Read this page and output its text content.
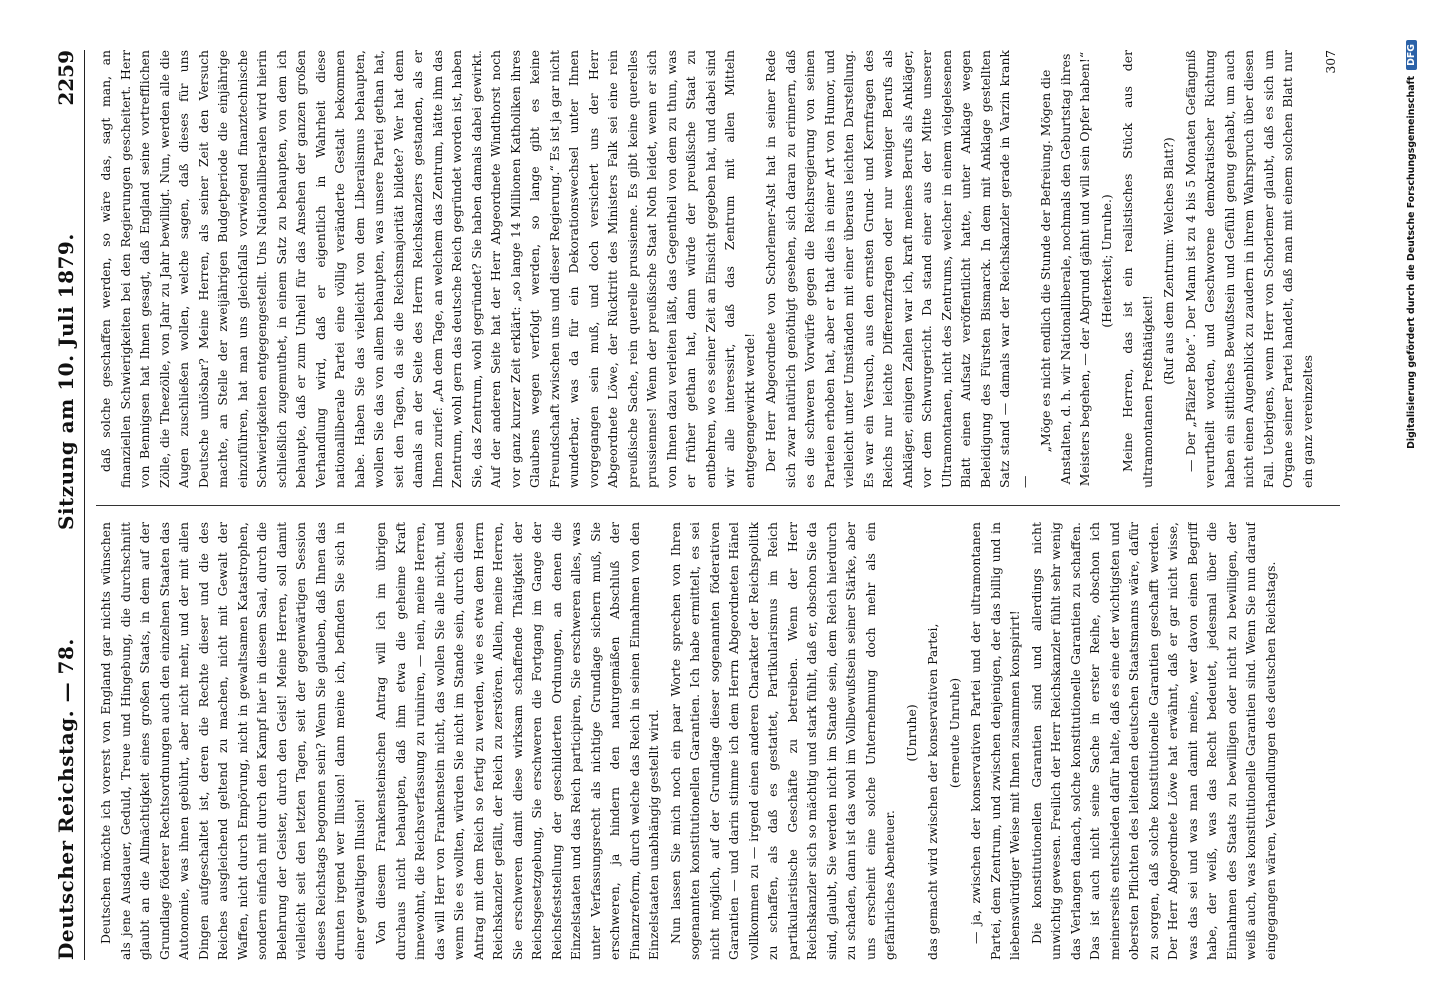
Deutscher Reichstag. — 78.
Sitzung am 10. Juli 1879.
2259

Deutschen möchte ich vorerst von England gar nichts wünschen als jene Ausdauer, Geduld, Treue und Hingebung, die durchschnitt glaubt an die Allmächtigkeit eines großen Staats, in dem auf der Grundlage föderer Rechtsordnungen auch den einzelnen Staaten das Autonomie, was ihnen gebührt, aber nicht mehr, und der mit allen Dingen aufgeschaltet ist, deren die Rechte dieser und die des Reiches ausgleichend geltend zu machen, nicht mit Gewalt der Waffen, nicht durch Empörung, nicht in gewaltsamen Katastrophen, sondern einfach mit durch den Kampf hier in diesem Saal, durch die Belehrung der Geister, durch den Geist! Meine Herren, soll damit vielleicht seit den letzten Tagen, seit der gegenwärtigen Session dieses Reichstags begonnen sein? Wenn Sie glauben, daß Ihnen das drunten irgend wer Illusion! dann meine ich, befinden Sie sich in einer gewaltigen Illusion! Von diesem Frankensteinschen Antrag will ich im übrigen durchaus nicht behaupten, daß ihm etwa die geheime Kraft innewohnt, die Reichsverfassung zu ruiniren, — nein, meine Herren, das will Herr von Frankenstein nicht, das wollen Sie alle nicht, und wenn Sie es wollten, würden Sie nicht im Stande sein, durch diesen Antrag mit dem Reich so fertig zu werden, wie es etwa dem Herrn Reichskanzler gefällt, der Reich zu zerstören. Allein, meine Herren, Sie erschweren damit diese wirksam schaffende Thätigkeit der Reichsgesetzgebung, Sie erschweren die Fortgang im Gange der Reichsfeststellung der geschilderten Ordnungen, an denen die Einzelstaaten und das Reich participiren, Sie erschweren alles, was unter Verfassungsrecht als nichtige Grundlage sichern muß, Sie erschweren, ja hindern den naturgemäßen Abschluß der Finanzreform, durch welche das Reich in seinen Einnahmen von den Einzelstaaten unabhängig gestellt wird. Nun lassen Sie mich noch ein paar Worte sprechen von Ihren sogenannten konstitutionellen Garantien. Ich habe ermittelt, es sei nicht möglich, auf der Grundlage dieser sogenannten föderativen Garantien — und darin stimme ich dem Herrn Abgeordneten Hänel vollkommen zu — irgend einen anderen Charakter der Reichspolitik zu schaffen, als daß es gestattet, Partikularismus im Reich partikularistische Geschäfte zu betreiben. Wenn der Herr Reichskanzler sich so mächtig und stark fühlt, daß er, obschon Sie da sind, glaubt, Sie werden nicht im Stande sein, dem Reich hierdurch zu schaden, dann ist das wohl im Vollbewußtsein seiner Stärke, aber uns erscheint eine solche Unternehmung doch mehr als ein gefährliches Abenteuer.

(Unruhe) das gemacht wird zwischen der konservativen Partei, (erneute Unruhe) — ja, zwischen der konservativen Partei und der ultramontanen Partei, dem Zentrum, und zwischen denjenigen, der das billig und in liebenswürdiger Weise mit Ihnen zusammen konspirirt! Die konstitutionellen Garantien sind und allerdings nicht unwichtig gewesen. Freilich der Herr Reichskanzler fühlt sehr wenig das Verlangen danach, solche konstitutionelle Garantien zu schaffen. Das ist auch nicht seine Sache in erster Reihe, obschon ich meinerseits entschieden dafür halte, daß es eine der wichtigsten und obersten Pflichten des leitenden deutschen Staatsmanns wäre, dafür zu sorgen, daß solche konstitutionelle Garantien geschafft werden. Der Herr Abgeordnete Löwe hat erwähnt, daß er gar nicht wisse, was das sei und was man damit meine, wer davon einen Begriff habe, der weiß, was das Recht bedeutet, jedesmal über die Einnahmen des Staats zu bewilligen oder nicht zu bewilligen, der weiß auch, was konstitutionelle Garantien sind. Wenn Sie nun darauf eingegangen wären, Verhandlungen des deutschen Reichstags.

daß solche geschaffen werden, so wäre das, sagt man, an finanziellen Schwierigkeiten bei den Regierungen gescheitert. Herr von Bennigsen hat Ihnen gesagt, daß England seine vortrefflichen Zölle, die Theezölle, von Jahr zu Jahr bewilligt. Nun, werden alle die Augen zuschließen wollen, welche sagen, daß dieses für uns Deutsche unlösbar? Meine Herren, als seiner Zeit den Versuch machte, an Stelle der zweijährigen Budgetperiode die einjährige einzuführen, hat man uns gleichfalls vorwiegend finanztechnische Schwierigkeiten entgegengestellt. Uns Nationalliberalen wird hierin schließlich zugemuthet, in einem Satz zu behaupten, von dem ich behaupte, daß er zum Unheil für das Ansehen der ganzen großen Verhandlung wird, daß er eigentlich in Wahrheit diese nationalliberale Partei eine völlig veränderte Gestalt bekommen habe. Haben Sie das vielleicht von dem Liberalismus behaupten, wollen Sie das von allem behaupten, was unsere Partei gethan hat, seit den Tagen, da sie die Reichsmajorität bildete? Wer hat denn damals an der Seite des Herrn Reichskanzlers gestanden, als er Ihnen zurief: „An dem Tage, an welchem das Zentrum, hätte ihm das Zentrum, wohl gern das deutsche Reich gegründet worden ist, haben Sie, das Zentrum, wohl gegründet? Sie haben damals dabei gewirkt. Auf der anderen Seite hat der Herr Abgeordnete Windthorst noch vor ganz kurzer Zeit erklärt: „so lange 14 Millionen Katholiken ihres Glaubens wegen verfolgt werden, so lange gibt es keine Freundschaft zwischen uns und dieser Regierung.“ Es ist ja gar nicht wunderbar, was da für ein Dekorationswechsel unter Ihnen vorgegangen sein muß, und doch versichert uns der Herr Abgeordnete Löwe, der Rücktritt des Ministers Falk sei eine rein preußische Sache, rein querelle prussienne. Es gibt keine querelles prussiennes! Wenn der preußische Staat Noth leidet, wenn er sich von Ihnen dazu verleiten läßt, das Gegentheil von dem zu thun, was er früher gethan hat, dann würde der preußische Staat zu entbehren, wo es seiner Zeit an Einsicht gegeben hat, und dabei sind wir alle interessirt, daß das Zentrum mit allen Mitteln entgegengewirkt werde! Der Herr Abgeordnete von Schorlemer-Alst hat in seiner Rede sich zwar natürlich genöthigt gesehen, sich daran zu erinnern, daß es die schweren Vorwürfe gegen die Reichsregierung von seinen Parteien erhoben hat, aber er that dies in einer Art von Humor, und vielleicht unter Umständen mit einer überaus leichten Darstellung. Es war ein Versuch, aus den ernsten Grund- und Kernfragen des Reichs nur leichte Differenzfragen oder nur weniger Berufs als Ankläger, einigen Zahlen war ich, kraft meines Berufs als Ankläger, vor dem Schwurgericht. Da stand einer aus der Mitte unserer Ultramontanen, nicht des Zentrums, welcher in einem vielgelesenen Blatt einen Aufsatz veröffentlicht hatte, unter Anklage wegen Beleidigung des Fürsten Bismarck. In dem mit Anklage gestellten Satz stand — damals war der Reichskanzler gerade in Varzin krank —

„Möge es nicht endlich die Stunde der Befreiung. Mögen die Anstalten, d. h. wir Nationalliberale, nochmals den Geburtstag ihres Meisters begehen, — der Abgrund gähnt und will sein Opfer haben!“ (Heiterkeit; Unruhe.) Meine Herren, das ist ein realistisches Stück aus der ultramontanen Preßthätigkeit!

(Ruf aus dem Zentrum: Welches Blatt?) — Der „Pfälzer Bote“. Der Mann ist zu 4 bis 5 Monaten Gefängniß verurtheilt worden, und Geschworene demokratischer Richtung haben ein sittliches Bewußtsein und Gefühl genug gehabt, um auch nicht einen Augenblick zu zaudern in ihrem Wahrspruch über diesen Fall. Uebrigens, wenn Herr von Schorlemer glaubt, daß es sich um Organe seiner Partei handelt, daß man mit einem solchen Blatt nur ein ganz vereinzeltes

307
Digitalisierung gefördert durch die Deutsche ForschungsgemeinschaftDFG
